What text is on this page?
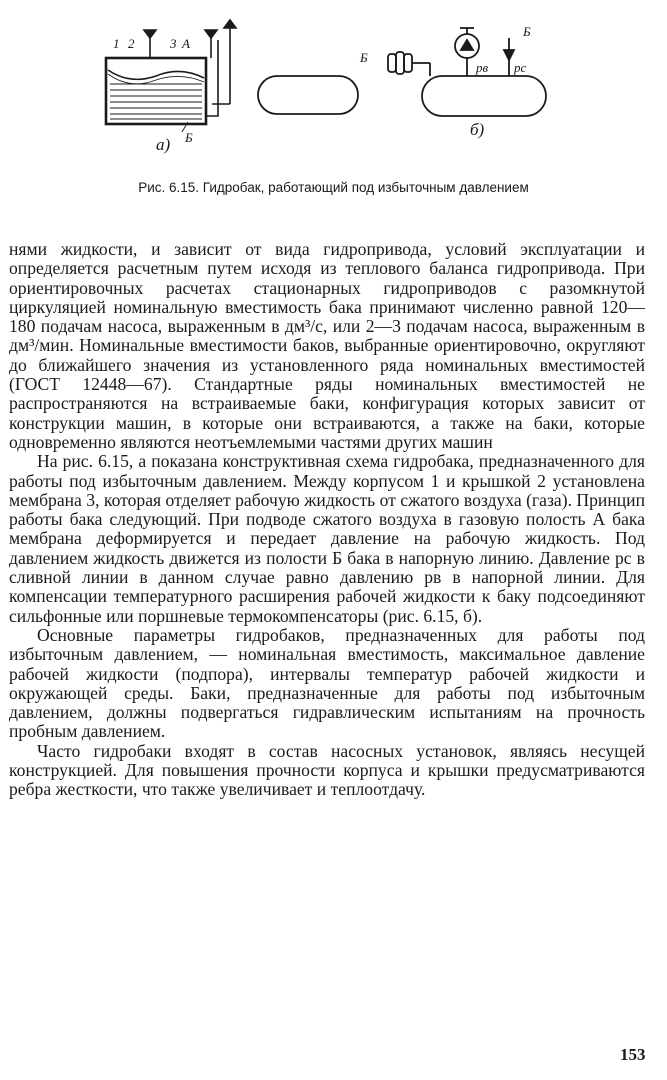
1 2	3 A
Б
а)
Б
Б
pв pс
б)
Рис. 6.15. Гидробак, работающий под избыточным давлением

нями жидкости, и зависит от вида гидропривода, условий эксплуатации и определяется расчетным путем исходя из теплового баланса гидропривода. При ориентировочных расчетах стационарных гидроприводов с разомкнутой циркуляцией номинальную вместимость бака принимают численно равной 120—180 подачам насоса, выраженным в дм³/с, или 2—3 подачам насоса, выраженным в дм³/мин. Номинальные вместимости баков, выбранные ориентировочно, округляют до ближайшего значения из установленного ряда номинальных вместимостей (ГОСТ 12448—67). Стандартные ряды номинальных вместимостей не распространяются на встраиваемые баки, конфигурация которых зависит от конструкции машин, в которые они встраиваются, а также на баки, которые одновременно являются неотъемлемыми частями других машин

На рис. 6.15, а показана конструктивная схема гидробака, предназначенного для работы под избыточным давлением. Между корпусом 1 и крышкой 2 установлена мембрана 3, которая отделяет рабочую жидкость от сжатого воздуха (газа). Принцип работы бака следующий. При подводе сжатого воздуха в газовую полость А бака мембрана деформируется и передает давление на рабочую жидкость. Под давлением жидкость движется из полости Б бака в напорную линию. Давление pс в сливной линии в данном случае равно давлению pв в напорной линии. Для компенсации температурного расширения рабочей жидкости к баку подсоединяют сильфонные или поршневые термокомпенсаторы (рис. 6.15, б).

Основные параметры гидробаков, предназначенных для работы под избыточным давлением, — номинальная вместимость, максимальное давление рабочей жидкости (подпора), интервалы температур рабочей жидкости и окружающей среды. Баки, предназначенные для работы под избыточным давлением, должны подвергаться гидравлическим испытаниям на прочность пробным давлением.

Часто гидробаки входят в состав насосных установок, являясь несущей конструкцией. Для повышения прочности корпуса и крышки предусматриваются ребра жесткости, что также увеличивает и теплоотдачу.

153
